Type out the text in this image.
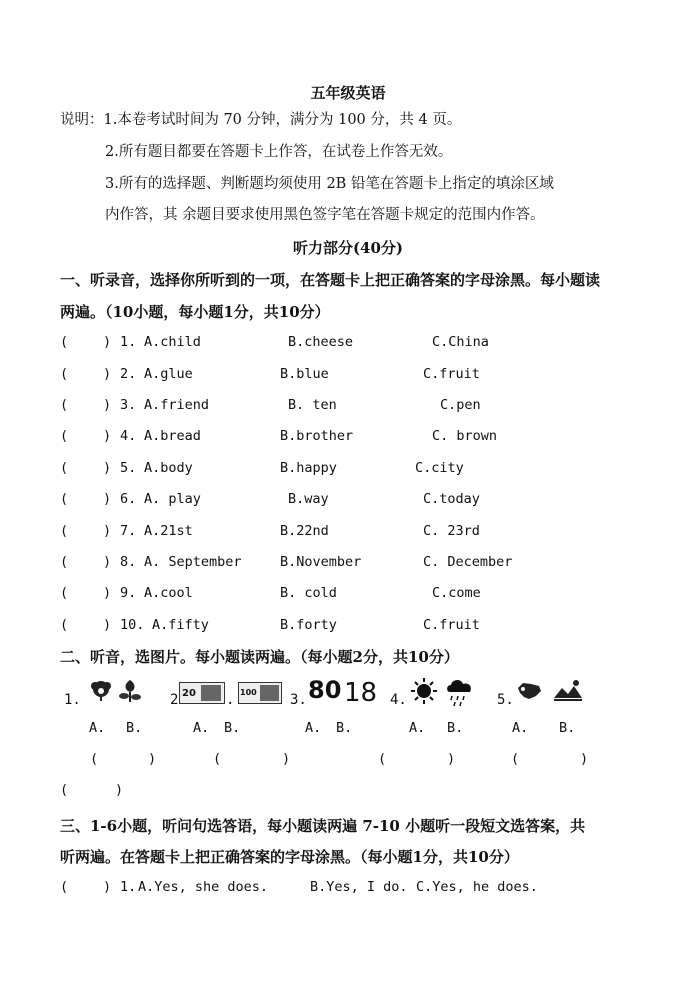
五年级英语
说明：1.本卷考试时间为 70 分钟，满分为 100 分，共 4 页。
2.所有题目都要在答题卡上作答，在试卷上作答无效。
3.所有的选择题、判断题均须使用 2B 铅笔在答题卡上指定的填涂区域
内作答，其 余题目要求使用黑色签字笔在答题卡规定的范围内作答。
听力部分(40分)
一、听录音，选择你所听到的一项，在答题卡上把正确答案的字母涂黑。每小题读
两遍。（10小题，每小题1分，共10分）
(	) 1. A.child	B.cheese	C.China
(	) 2. A.glue	B.blue	C.fruit
(	) 3. A.friend	B. ten	C.pen
(	) 4. A.bread	B.brother	C. brown
(	) 5. A.body	B.happy	C.city
(	) 6. A. play	B.way	C.today
(	) 7. A.21st	B.22nd	C. 23rd
(	) 8. A. September	B.November	C. December
(	) 9. A.cool	B. cold	C.come
(	) 10. A.fifty	B.forty	C.fruit
二、听音，选图片。每小题读两遍。（每小题2分，共10分）
1.	2 20 . 100 3. 80 18 4.	5.
A. B.	A. B.	A. B.	A. B.	A. B.
(	)	(	)	(	)	(	)
(	)
三、1-6小题，听问句选答语，每小题读两遍 7-10 小题听一段短文选答案，共
听两遍。在答题卡上把正确答案的字母涂黑。（每小题1分，共10分）
(	) 1. A.Yes, she does.	B.Yes, I do. C.Yes, he does.
